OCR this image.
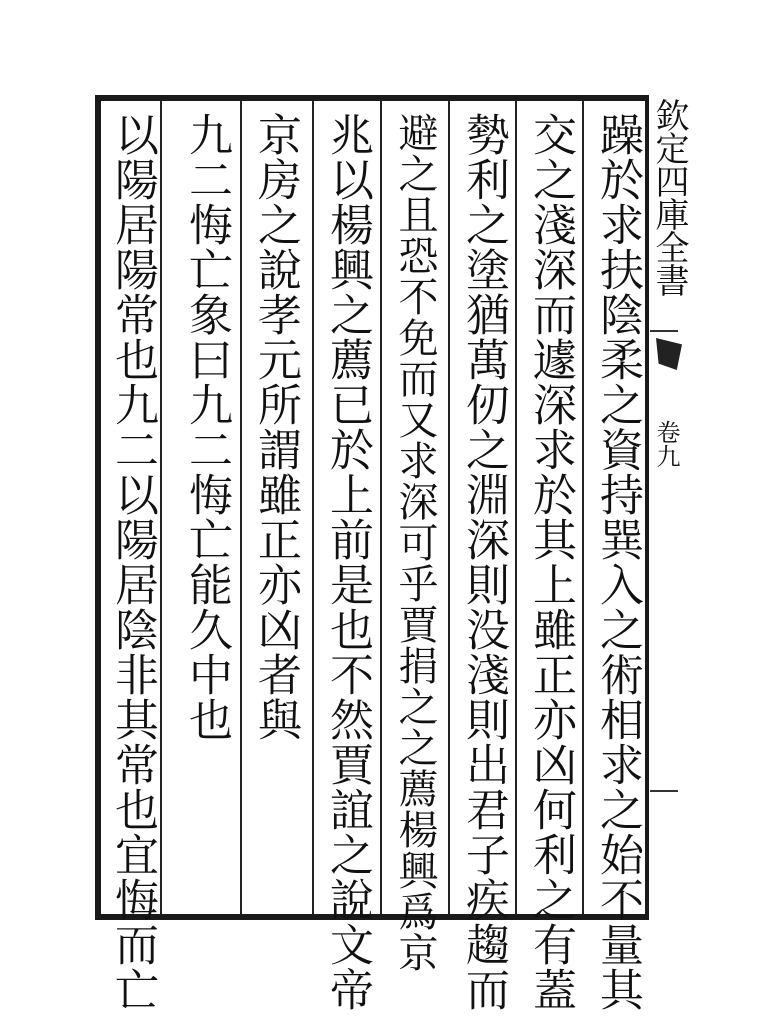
躁於求扶陰柔之資持巽入之術相求之始不量其
交之淺深而遽深求於其上雖正亦凶何利之有蓋
勢利之塗猶萬仞之淵深則没淺則出君子疾趨而
避之且恐不免而又求深可乎賈捐之之薦楊興爲京
兆以楊興之薦已於上前是也不然賈誼之說文帝
京房之說孝元所謂雖正亦凶者與
九二悔亡象曰九二悔亡能久中也
以陽居陽常也九二以陽居陰非其常也宜悔而亡	欽定四庫全書
卷九
